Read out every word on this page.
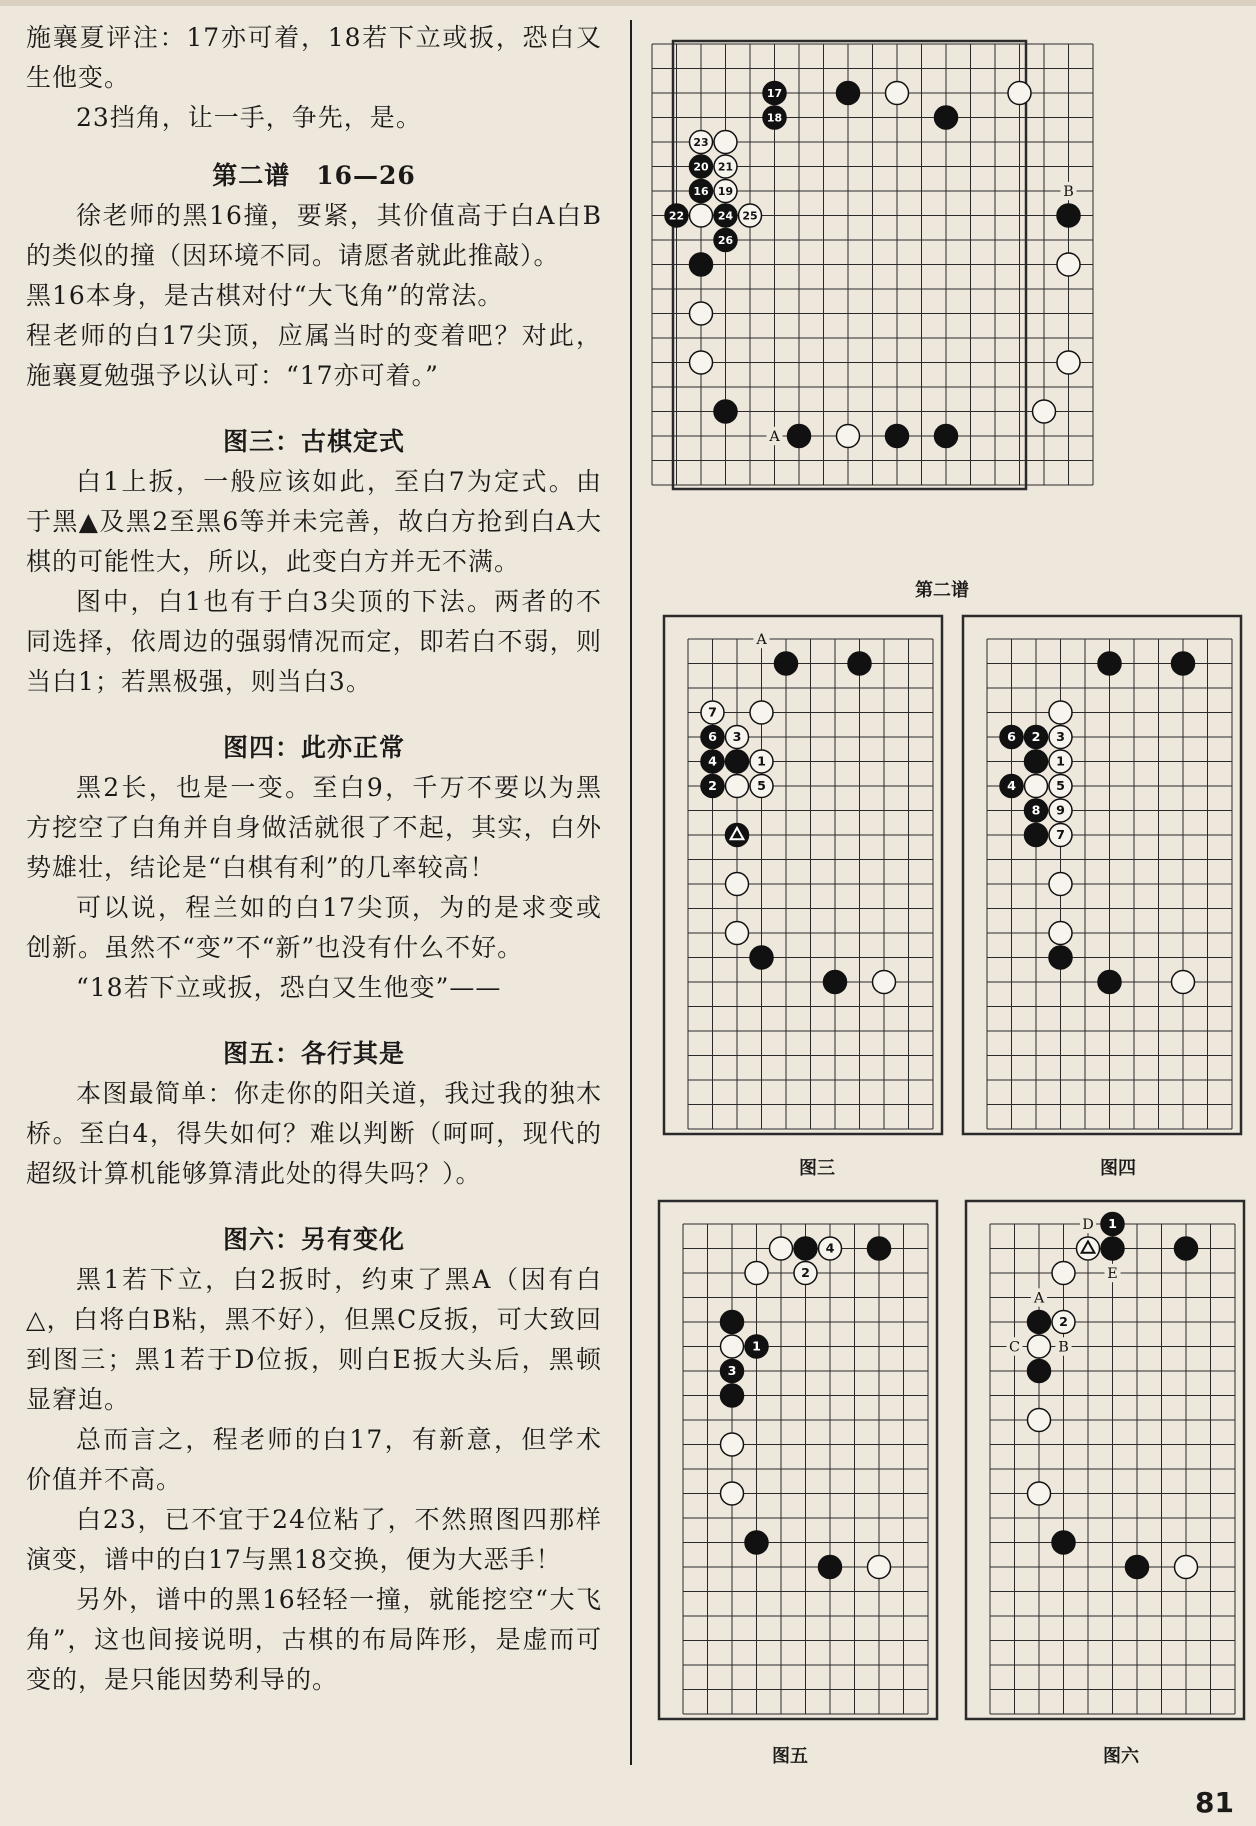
施襄夏评注：17亦可着，18若下立或扳，恐白又生他变。

23挡角，让一手，争先，是。

第二谱　16—26

徐老师的黑16撞，要紧，其价值高于白A白B的类似的撞（因环境不同。请愿者就此推敲）。

黑16本身，是古棋对付“大飞角”的常法。

程老师的白17尖顶，应属当时的变着吧？对此，施襄夏勉强予以认可：“17亦可着。”

图三：古棋定式

白1上扳，一般应该如此，至白7为定式。由于黑▲及黑2至黑6等并未完善，故白方抢到白A大棋的可能性大，所以，此变白方并无不满。

图中，白1也有于白3尖顶的下法。两者的不同选择，依周边的强弱情况而定，即若白不弱，则当白1；若黑极强，则当白3。

图四：此亦正常

黑2长，也是一变。至白9，千万不要以为黑方挖空了白角并自身做活就很了不起，其实，白外势雄壮，结论是“白棋有利”的几率较高！

可以说，程兰如的白17尖顶，为的是求变或创新。虽然不“变”不“新”也没有什么不好。

“18若下立或扳，恐白又生他变”——

图五：各行其是

本图最简单：你走你的阳关道，我过我的独木桥。至白4，得失如何？难以判断（呵呵，现代的超级计算机能够算清此处的得失吗？）。

图六：另有变化

黑1若下立，白2扳时，约束了黑A（因有白△，白将白B粘，黑不好），但黑C反扳，可大致回到图三；黑1若于D位扳，则白E扳大头后，黑顿显窘迫。

总而言之，程老师的白17，有新意，但学术价值并不高。

白23，已不宜于24位粘了，不然照图四那样演变，谱中的白17与黑18交换，便为大恶手！

另外，谱中的黑16轻轻一撞，就能挖空“大飞角”，这也间接说明，古棋的布局阵形，是虚而可变的，是只能因势利导的。

17
18
20
16
22	24
26
23
21
19
25
B
A
第二谱
6
4
2
7
3
1
5
A
图三
6 2
4
8
3
1
5
9
7
图四
1
3
4
2
图五
1
2
D
E
A
C	B
图六
81
